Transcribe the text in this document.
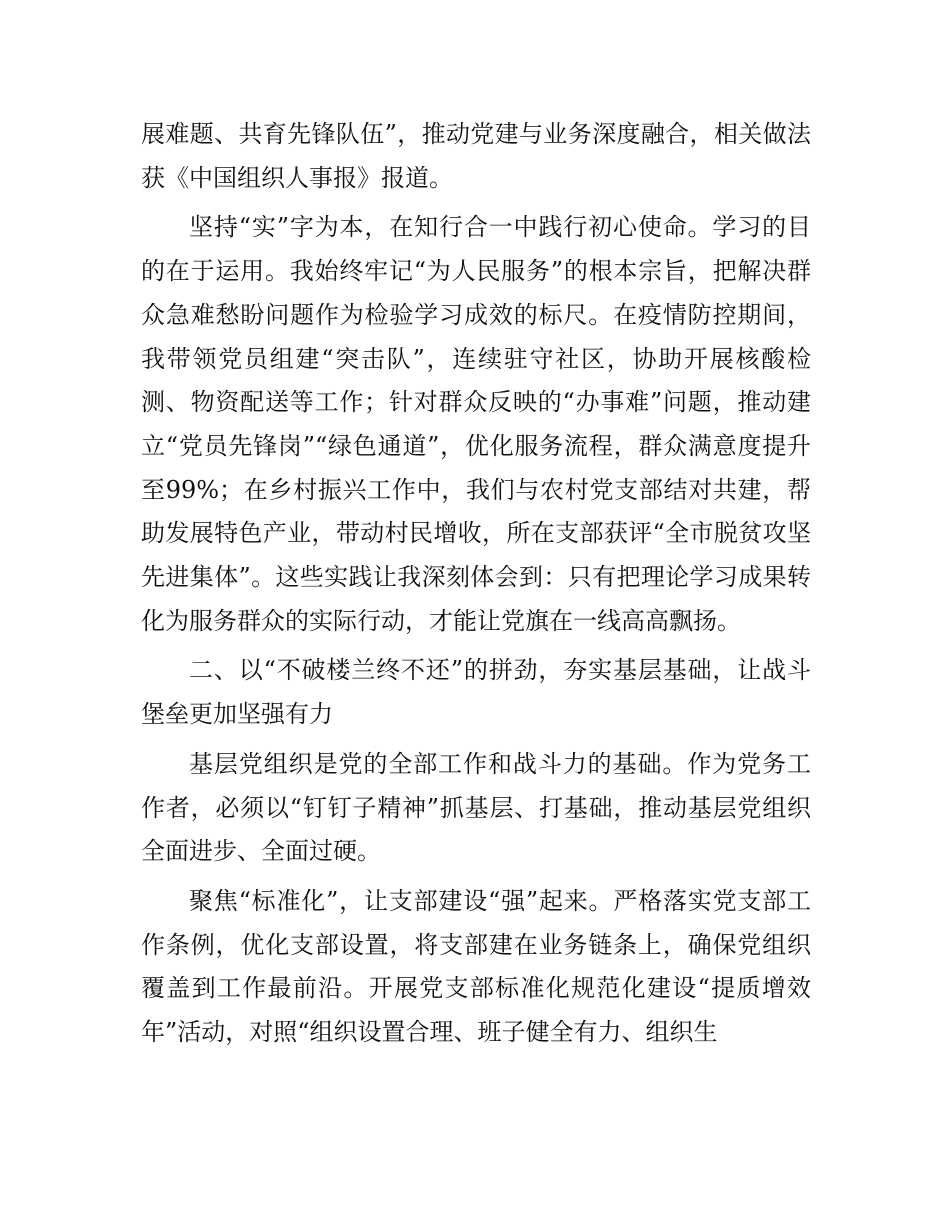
展难题、共育先锋队伍”，推动党建与业务深度融合，相关做法获《中国组织人事报》报道。

坚持“实”字为本，在知行合一中践行初心使命。学习的目的在于运用。我始终牢记“为人民服务”的根本宗旨，把解决群众急难愁盼问题作为检验学习成效的标尺。在疫情防控期间，我带领党员组建“突击队”，连续驻守社区，协助开展核酸检测、物资配送等工作；针对群众反映的“办事难”问题，推动建立“党员先锋岗”“绿色通道”，优化服务流程，群众满意度提升至99%；在乡村振兴工作中，我们与农村党支部结对共建，帮助发展特色产业，带动村民增收，所在支部获评“全市脱贫攻坚先进集体”。这些实践让我深刻体会到：只有把理论学习成果转化为服务群众的实际行动，才能让党旗在一线高高飘扬。

二、以“不破楼兰终不还”的拼劲，夯实基层基础，让战斗堡垒更加坚强有力

基层党组织是党的全部工作和战斗力的基础。作为党务工作者，必须以“钉钉子精神”抓基层、打基础，推动基层党组织全面进步、全面过硬。

聚焦“标准化”，让支部建设“强”起来。严格落实党支部工作条例，优化支部设置，将支部建在业务链条上，确保党组织覆盖到工作最前沿。开展党支部标准化规范化建设“提质增效年”活动，对照“组织设置合理、班子健全有力、组织生
